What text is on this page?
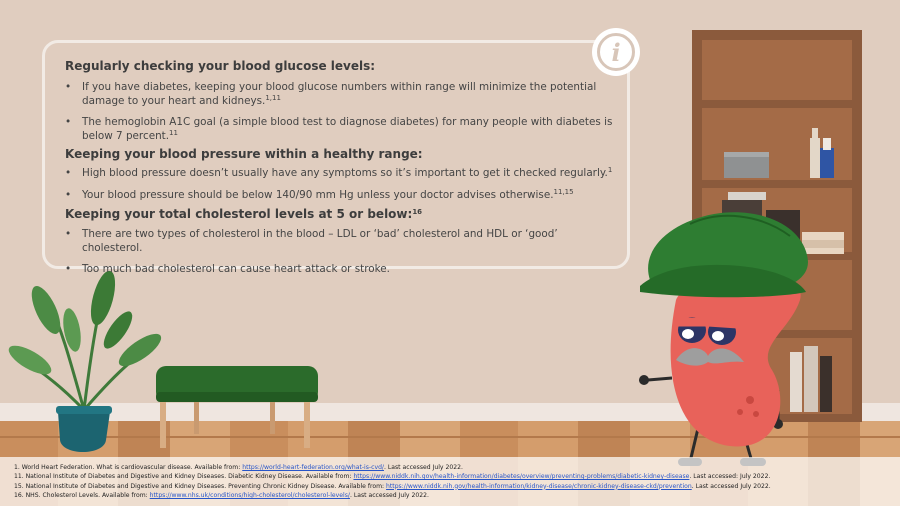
Regularly checking your blood glucose levels:
• If you have diabetes, keeping your blood glucose numbers within range will minimize the potential damage to your heart and kidneys.$^{1,11}$
• The hemoglobin A1C goal (a simple blood test to diagnose diabetes) for many people with diabetes is below 7 percent.$^{11}$
Keeping your blood pressure within a healthy range:
• High blood pressure doesn’t usually have any symptoms so it’s important to get it checked regularly.$^1$
• Your blood pressure should be below 140/90 mm Hg unless your doctor advises otherwise.$^{11,15}$
Keeping your total cholesterol levels at 5 or below:$^{16}$
• There are two types of cholesterol in the blood – LDL or ‘bad’ cholesterol and HDL or ‘good’ cholesterol.
• Too much bad cholesterol can cause heart attack or stroke.
i

1. World Heart Federation. What is cardiovascular disease. Available from: https://world-heart-federation.org/what-is-cvd/. Last accessed July 2022.

11. National Institute of Diabetes and Digestive and Kidney Diseases. Diabetic Kidney Disease. Available from: https://www.niddk.nih.gov/health-information/diabetes/overview/preventing-problems/diabetic-kidney-disease. Last accessed: July 2022.

15. National Institute of Diabetes and Digestive and Kidney Diseases. Preventing Chronic Kidney Disease. Available from: https://www.niddk.nih.gov/health-information/kidney-disease/chronic-kidney-disease-ckd/prevention. Last accessed July 2022.

16. NHS. Cholesterol Levels. Available from: https://www.nhs.uk/conditions/high-cholesterol/cholesterol-levels/. Last accessed July 2022.
